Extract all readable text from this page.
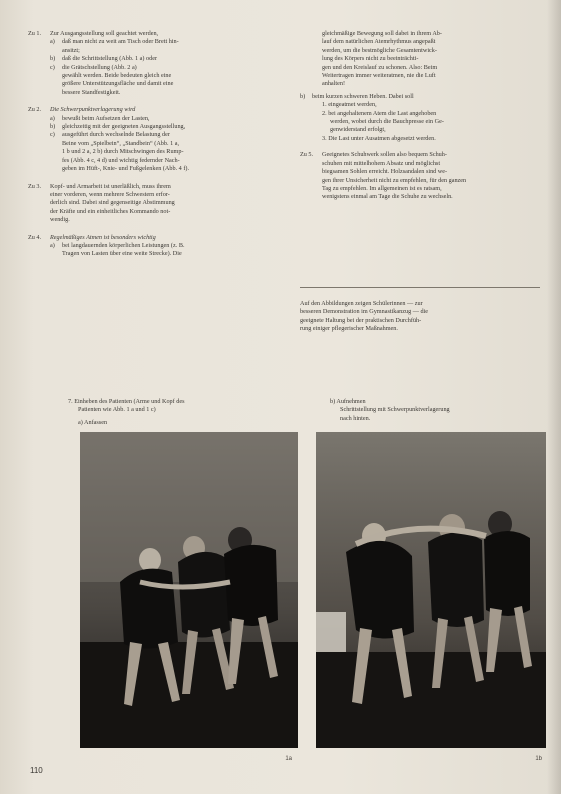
Zu 1. Zur Ausgangsstellung soll geachtet werden,
a) daß man nicht zu weit am Tisch oder Brett hin-
ansitzt;
b) daß die Schrittstellung (Abb. 1 a) oder
c) die Grätschstellung (Abb. 2 a)
gewählt werden. Beide bedeuten gleich eine
größere Unterstützungsfläche und damit eine
bessere Standfestigkeit.
Zu 2. Die Schwerpunktverlagerung wird
a) bewußt beim Aufsetzen der Lasten,
b) gleichzeitig mit der geeigneten Ausgangsstellung,
c) ausgeführt durch wechselnde Belastung der
Beine vom „Spielbein“, „Standbein“ (Abb. 1 a,
1 b und 2 a, 2 b) durch Mitschwingen des Rump-
fes (Abb. 4 c, 4 d) und wichtig federnder Nach-
geben im Hüft-, Knie- und Fußgelenken (Abb. 4 f).
Zu 3. Kopf- und Armarbeit ist unerläßlich, muss ihrem
einer vorderen, wenn mehrere Schwestern erfor-
derlich sind. Dabei sind gegenseitige Abstimmung
der Kräfte und ein einheitliches Kommando not-
wendig.
Zu 4. Regelmäßiges Atmen ist besonders wichtig
a) bei langdauernden körperlichen Leistungen (z. B.
Tragen von Lasten über eine weite Strecke). Die
gleichmäßige Bewegung soll dabei in ihrem Ab-
lauf dem natürlichen Atemrhythmus angepaßt
werden, um die bestmögliche Gesamtentwick-
lung des Körpers nicht zu beeinträchti-
gen und den Kreislauf zu schonen. Also: Beim
Weitertragen immer weiteratmen, nie die Luft
anhalten!
b) beim kurzen schweren Heben. Dabei soll
1. eingeatmet werden,
2. bei angehaltenem Atem die Last angehoben
werden, wobei durch die Bauchpresse ein Ge-
genwiderstand erfolgt,
3. Die Last unter Ausatmen abgesetzt werden.
Zu 5. Geeignetes Schuhwerk sollen also bequem Schuh-
schuhen mit mittelhohem Absatz und möglichst
biegsamen Sohlen erreicht. Holzsandalen sind we-
gen ihrer Unsicherheit nicht zu empfehlen, für den ganzen
Tag zu empfehlen. Im allgemeinen ist es ratsam,
wenigstens einmal am Tage die Schuhe zu wechseln.
Auf den Abbildungen zeigen Schülerinnen — zur
besseren Demonstration im Gymnastikanzug — die
geeignete Haltung bei der praktischen Durchfüh-
rung einiger pflegerischer Maßnahmen.
7. Einheben des Patienten (Arme und Kopf des
Patienten wie Abb. 1 a und 1 c)
a) Anfassen
b) Aufnehmen
Schrittstellung mit Schwerpunktverlagerung
nach hinten.
1a	1b
110
